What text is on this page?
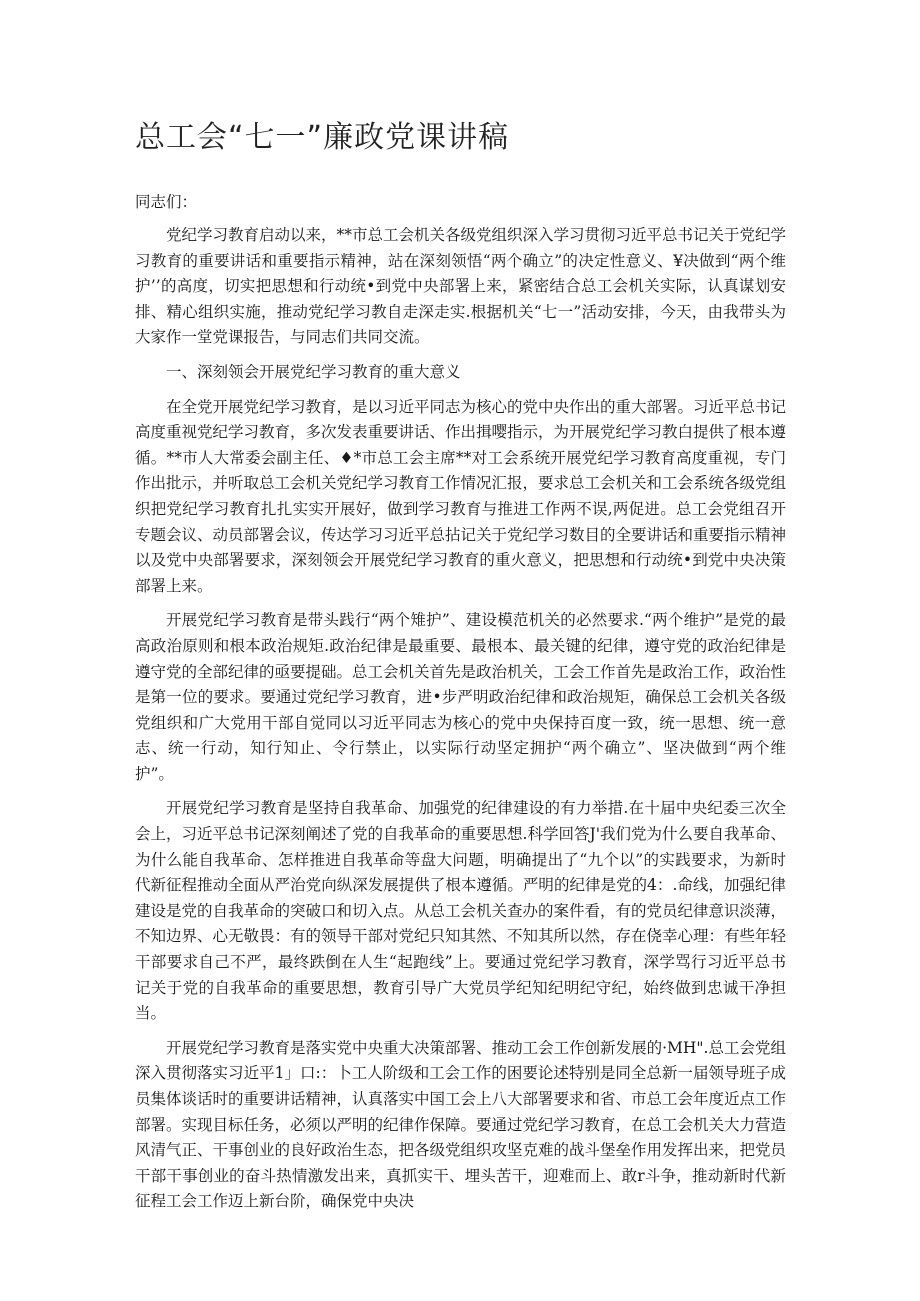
总工会“七一”廉政党课讲稿

同志们：

党纪学习教育启动以来，**市总工会机关各级党组织深入学习贯彻习近平总书记关于党纪学习教育的重要讲话和重要指示精神，站在深刻领悟“两个确立”的决定性意义、¥决做到“两个维护’’的高度，切实把思想和行动统•到党中央部署上来，紧密结合总工会机关实际，认真谋划安排、精心组织实施，推动党纪学习教自走深走实.根据机关“七一”活动安排，今天，由我带头为大家作一堂党课报告，与同志们共同交流。

一、深刻领会开展党纪学习教育的重大意义

在全党开展党纪学习教育，是以习近平同志为核心的党中央作出的重大部署。习近平总书记高度重视党纪学习教育，多次发表重要讲话、作出揖嘤指示，为开展党纪学习教白提供了根本遵循。**市人大常委会副主任、♦*市总工会主席**对工会系统开展党纪学习教育高度重视，专门作出批示，并听取总工会机关党纪学习教育工作情况汇报，要求总工会机关和工会系统各级党组织把党纪学习教育扎扎实实开展好，做到学习教育与推进工作两不误,两促进。总工会党组召开专题会议、动员部署会议，传达学习习近平总拈记关于党纪学习数目的全要讲话和重要指示精神以及党中央部署要求，深刻领会开展党纪学习教育的重火意义，把思想和行动统•到党中央决策部署上来。

开展党纪学习教育是带头践行“两个雉护”、建设模范机关的必然要求.“两个维护”是党的最高政治原则和根本政治规矩.政治纪律是最重要、最根本、最关键的纪律，遵守党的政治纪律是遵守党的全部纪律的亟要提础。总工会机关首先是政治机关，工会工作首先是政治工作，政治性是第一位的要求。要通过党纪学习教育，进•步严明政治纪律和政治规矩，确保总工会机关各级党组织和广大党用干部自觉同以习近平同志为核心的党中央保持百度一致，统一思想、统一意志、统一行动，知行知止、令行禁止，以实际行动坚定拥护“两个确立”、坚决做到“两个维护”。

开展党纪学习教育是坚持自我革命、加强党的纪律建设的有力举措.在十届中央纪委三次全会上，习近平总书记深刻阐述了党的自我革命的重要思想.科学回答J'我们党为什么要自我革命、为什么能自我革命、怎样推进自我革命等盘大问题，明确提出了“九个以”的实践要求，为新时代新征程推动全面从严治党向纵深发展提供了根本遵循。严明的纪律是党的4：.命线，加强纪律建设是党的自我革命的突破口和切入点。从总工会机关查办的案件看，有的党员纪律意识淡薄，不知边界、心无敬畏：有的领导干部对党纪只知其然、不知其所以然，存在侥幸心理：有些年轻干部要求自己不严，最终跌倒在人生“起跑线”上。要通过党纪学习教育，深学骂行习近平总书记关于党的自我革命的重要思想，教育引导广大党员学纪知纪明纪守纪，始终做到忠诚干净担当。

开展党纪学习教育是落实党中央重大决策部署、推动工会工作创新发展的·MH".总工会党组深入贯彻落实习近平1」口:：卜工人阶级和工会工作的困要论述特别是同全总新一届领导班子成员集体谈话时的重要讲话精神，认真落实中国工会上八大部署要求和省、市总工会年度近点工作部署。实现目标任务，必须以严明的纪律作保障。要通过党纪学习教育，在总工会机关大力营造风清气正、干事创业的良好政治生态，把各级党组织攻坚克难的战斗堡垒作用发挥出来，把党员干部干事创业的奋斗热情激发出来，真抓实干、埋头苦干，迎难而上、敢r斗争，推动新时代新征程工会工作迈上新台阶，确保党中央决
